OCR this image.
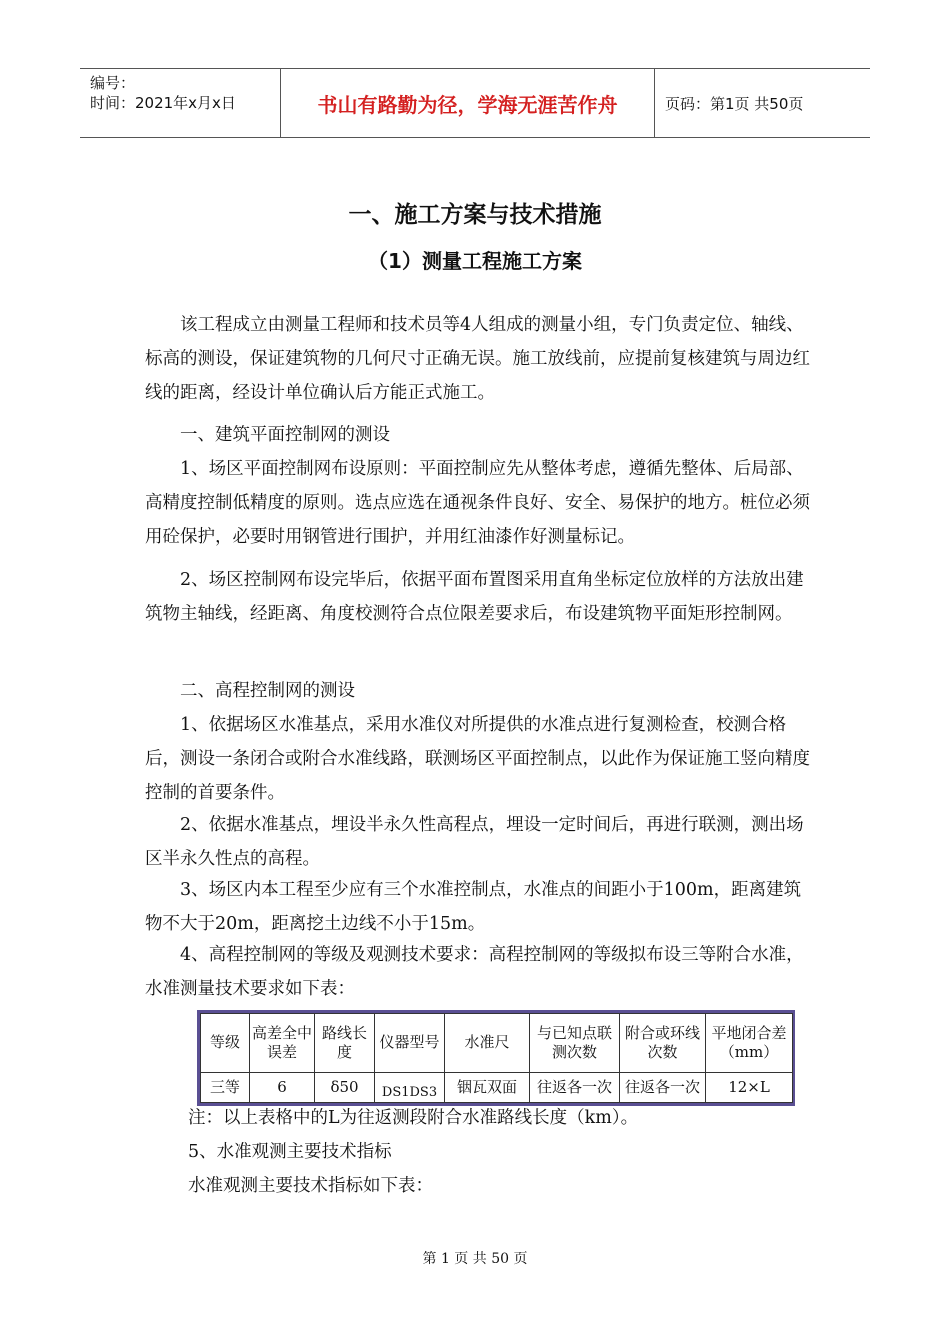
编号：
时间：2021年x月x日	书山有路勤为径，学海无涯苦作舟	页码：第1页 共50页
一、施工方案与技术措施
（1）测量工程施工方案

　　该工程成立由测量工程师和技术员等4人组成的测量小组，专门负责定位、轴线、标高的测设，保证建筑物的几何尺寸正确无误。施工放线前，应提前复核建筑与周边红线的距离，经设计单位确认后方能正式施工。

　　一、建筑平面控制网的测设

　　1、场区平面控制网布设原则：平面控制应先从整体考虑，遵循先整体、后局部、高精度控制低精度的原则。选点应选在通视条件良好、安全、易保护的地方。桩位必须用砼保护，必要时用钢管进行围护，并用红油漆作好测量标记。

　　2、场区控制网布设完毕后，依据平面布置图采用直角坐标定位放样的方法放出建筑物主轴线，经距离、角度校测符合点位限差要求后，布设建筑物平面矩形控制网。

　　二、高程控制网的测设

　　1、依据场区水准基点，采用水准仪对所提供的水准点进行复测检查，校测合格后，测设一条闭合或附合水准线路，联测场区平面控制点，以此作为保证施工竖向精度控制的首要条件。

　　2、依据水准基点，埋设半永久性高程点，埋设一定时间后，再进行联测，测出场区半永久性点的高程。

　　3、场区内本工程至少应有三个水准控制点，水准点的间距小于100m，距离建筑物不大于20m，距离挖土边线不小于15m。

　　4、高程控制网的等级及观测技术要求：高程控制网的等级拟布设三等附合水准，水准测量技术要求如下表：

等级	高差全中误差	路线长度	仪器型号	水准尺	与已知点联测次数	附合或环线次数	平地闭合差（mm）
三等	6	δ50	DS1DS3	铟瓦双面	往返各一次	往返各一次	12×L

注：以上表格中的L为往返测段附合水准路线长度（km）。

5、水准观测主要技术指标

水准观测主要技术指标如下表：

第 1 页 共 50 页
